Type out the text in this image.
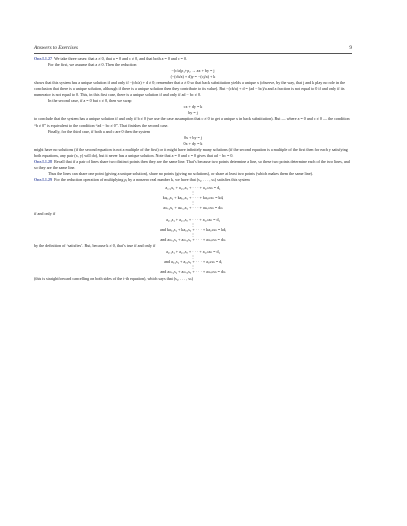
Answers to Exercises	9

One.I.1.27 We take three cases: that a ≠ 0, that a = 0 and c ≠ 0, and that both a = 0 and c = 0.

For the first, we assume that a ≠ 0. Then the reduction

−(c/a)ρ₁+ρ₂ → ax + by = j
(−(cb/a) + d)y = −(cj/a) + k

shows that this system has a unique solution if and only if −(cb/a) + d ≠ 0; remember that a ≠ 0 so that back substitution yields a unique x (observe, by the way, that j and k play no role in the conclusion that there is a unique solution, although if there is a unique solution then they contribute to its value). But −(cb/a) + d = (ad − bc)/a and a fraction is not equal to 0 if and only if its numerator is not equal to 0. This, in this first case, there is a unique solution if and only if ad − bc ≠ 0.

In the second case, if a = 0 but c ≠ 0, then we swap

cx + dy = k
by = j

to conclude that the system has a unique solution if and only if b ≠ 0 (we use the case assumption that c ≠ 0 to get a unique x in back substitution). But — where a = 0 and c ≠ 0 — the condition “b ≠ 0” is equivalent to the condition “ad − bc ≠ 0”. That finishes the second case.

Finally, for the third case, if both a and c are 0 then the system

0x + by = j
0x + dy = k

might have no solutions (if the second equation is not a multiple of the first) or it might have infinitely many solutions (if the second equation is a multiple of the first then for each y satisfying both equations, any pair (x, y) will do), but it never has a unique solution. Note that a = 0 and c = 0 gives that ad − bc = 0.

One.I.1.28 Recall that if a pair of lines share two distinct points then they are the same line. That’s because two points determine a line, so these two points determine each of the two lines, and so they are the same line.

Thus the lines can share one point (giving a unique solution), share no points (giving no solutions), or share at least two points (which makes them the same line).

One.I.1.29 For the reduction operation of multiplying ρᵢ by a nonzero real number k, we have that (s₁, . . . , sₙ) satisfies this system

a₁,₁x₁ + a₁,₂x₂ + · · · + a₁,ₙxₙ = d₁
⋮
kaᵢ,₁x₁ + kaᵢ,₂x₂ + · · · + kaᵢ,ₙxₙ = kdᵢ
⋮
aₘ,₁x₁ + aₘ,₂x₂ + · · · + aₘ,ₙxₙ = dₘ

if and only if

a₁,₁s₁ + a₁,₂s₂ + · · · + a₁,ₙsₙ = d₁
⋮
and kaᵢ,₁s₁ + kaᵢ,₂s₂ + · · · + kaᵢ,ₙsₙ = kdᵢ
⋮
and aₘ,₁s₁ + aₘ,₂s₂ + · · · + aₘ,ₙsₙ = dₘ

by the definition of ‘satisfies’. But, because k ≠ 0, that’s true if and only if

a₁,₁s₁ + a₁,₂s₂ + · · · + a₁,ₙsₙ = d₁
⋮
and aᵢ,₁s₁ + aᵢ,₂s₂ + · · · + aᵢ,ₙsₙ = dᵢ
⋮
and aₘ,₁s₁ + aₘ,₂s₂ + · · · + aₘ,ₙsₙ = dₘ

(this is straightforward cancelling on both sides of the i-th equation), which says that (s₁, . . . , sₙ)
